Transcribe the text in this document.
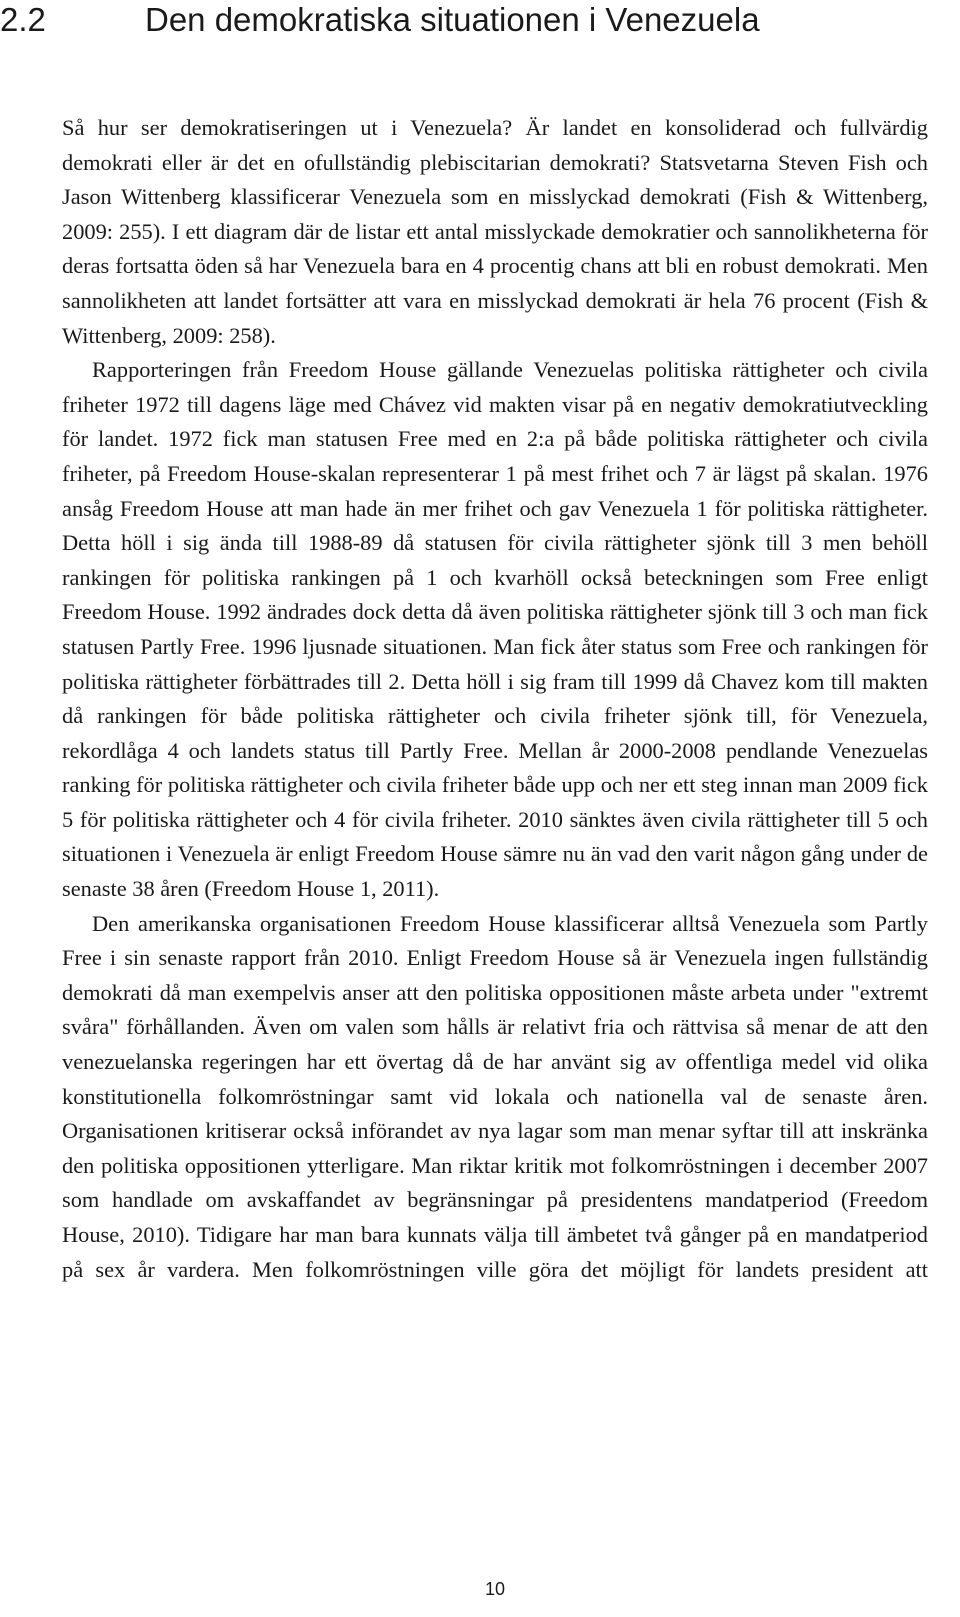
2.2	Den demokratiska situationen i Venezuela

Så hur ser demokratiseringen ut i Venezuela? Är landet en konsoliderad och fullvärdig demokrati eller är det en ofullständig plebiscitarian demokrati? Statsvetarna Steven Fish och Jason Wittenberg klassificerar Venezuela som en misslyckad demokrati (Fish & Wittenberg, 2009: 255). I ett diagram där de listar ett antal misslyckade demokratier och sannolikheterna för deras fortsatta öden så har Venezuela bara en 4 procentig chans att bli en robust demokrati. Men sannolikheten att landet fortsätter att vara en misslyckad demokrati är hela 76 procent (Fish & Wittenberg, 2009: 258).

Rapporteringen från Freedom House gällande Venezuelas politiska rättigheter och civila friheter 1972 till dagens läge med Chávez vid makten visar på en negativ demokratiutveckling för landet. 1972 fick man statusen Free med en 2:a på både politiska rättigheter och civila friheter, på Freedom House-skalan representerar 1 på mest frihet och 7 är lägst på skalan. 1976 ansåg Freedom House att man hade än mer frihet och gav Venezuela 1 för politiska rättigheter. Detta höll i sig ända till 1988-89 då statusen för civila rättigheter sjönk till 3 men behöll rankingen för politiska rankingen på 1 och kvarhöll också beteckningen som Free enligt Freedom House. 1992 ändrades dock detta då även politiska rättigheter sjönk till 3 och man fick statusen Partly Free. 1996 ljusnade situationen. Man fick åter status som Free och rankingen för politiska rättigheter förbättrades till 2. Detta höll i sig fram till 1999 då Chavez kom till makten då rankingen för både politiska rättigheter och civila friheter sjönk till, för Venezuela, rekordlåga 4 och landets status till Partly Free. Mellan år 2000-2008 pendlande Venezuelas ranking för politiska rättigheter och civila friheter både upp och ner ett steg innan man 2009 fick 5 för politiska rättigheter och 4 för civila friheter. 2010 sänktes även civila rättigheter till 5 och situationen i Venezuela är enligt Freedom House sämre nu än vad den varit någon gång under de senaste 38 åren (Freedom House 1, 2011).

Den amerikanska organisationen Freedom House klassificerar alltså Venezuela som Partly Free i sin senaste rapport från 2010. Enligt Freedom House så är Venezuela ingen fullständig demokrati då man exempelvis anser att den politiska oppositionen måste arbeta under "extremt svåra" förhållanden. Även om valen som hålls är relativt fria och rättvisa så menar de att den venezuelanska regeringen har ett övertag då de har använt sig av offentliga medel vid olika konstitutionella folkomröstningar samt vid lokala och nationella val de senaste åren. Organisationen kritiserar också införandet av nya lagar som man menar syftar till att inskränka den politiska oppositionen ytterligare. Man riktar kritik mot folkomröstningen i december 2007 som handlade om avskaffandet av begränsningar på presidentens mandatperiod (Freedom House, 2010). Tidigare har man bara kunnats välja till ämbetet två gånger på en mandatperiod på sex år vardera. Men folkomröstningen ville göra det möjligt för landets president att

10
